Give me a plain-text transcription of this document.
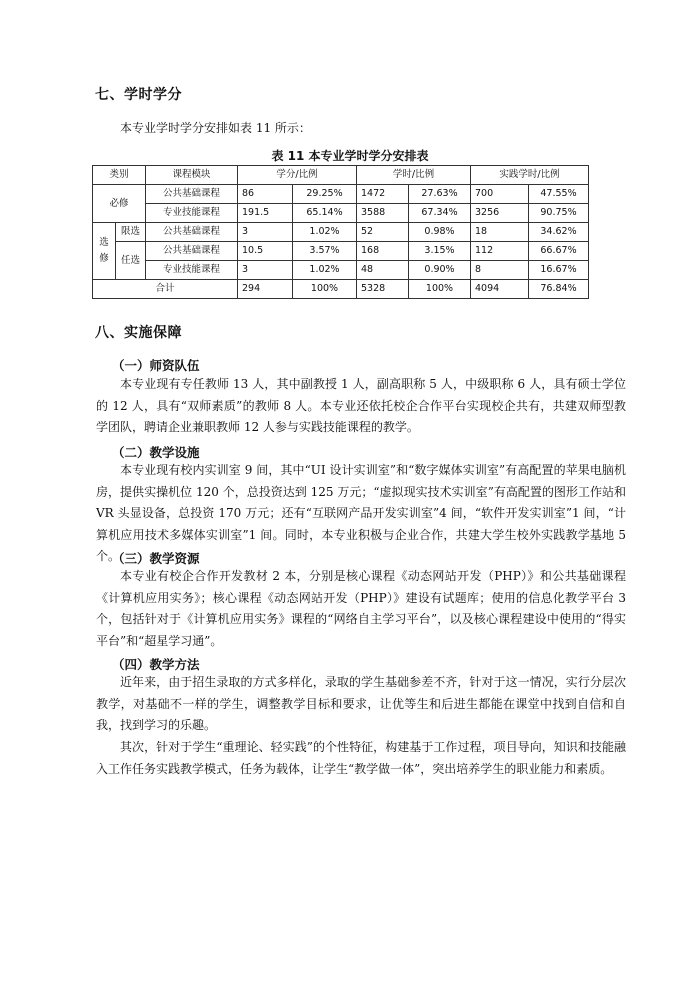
七、学时学分
本专业学时学分安排如表 11 所示：
表 11 本专业学时学分安排表
类别		课程模块	学分/比例		学时/比例		实践学时/比例	
必修		公共基础课程	86	29.25%	1472	27.63%	700	47.55%
		专业技能课程	191.5	65.14%	3588	67.34%	3256	90.75%
选修	限选	公共基础课程	3	1.02%	52	0.98%	18	34.62%
	任选	公共基础课程	10.5	3.57%	168	3.15%	112	66.67%
		专业技能课程	3	1.02%	48	0.90%	8	16.67%
合计			294	100%	5328	100%	4094	76.84%
八、实施保障
（一）师资队伍

本专业现有专任教师 13 人，其中副教授 1 人，副高职称 5 人，中级职称 6 人，具有硕士学位的 12 人，具有“双师素质”的教师 8 人。本专业还依托校企合作平台实现校企共有，共建双师型教学团队，聘请企业兼职教师 12 人参与实践技能课程的教学。

（二）教学设施

本专业现有校内实训室 9 间，其中“UI 设计实训室”和“数字媒体实训室”有高配置的苹果电脑机房，提供实操机位 120 个，总投资达到 125 万元；“虚拟现实技术实训室”有高配置的图形工作站和 VR 头显设备，总投资 170 万元；还有“互联网产品开发实训室”4 间，“软件开发实训室”1 间，“计算机应用技术多媒体实训室”1 间。同时，本专业积极与企业合作，共建大学生校外实践教学基地 5 个。

（三）教学资源

本专业有校企合作开发教材 2 本，分别是核心课程《动态网站开发（PHP）》和公共基础课程《计算机应用实务》；核心课程《动态网站开发（PHP）》建设有试题库；使用的信息化教学平台 3 个，包括针对于《计算机应用实务》课程的“网络自主学习平台”，以及核心课程建设中使用的“得实平台”和“超星学习通”。

（四）教学方法

近年来，由于招生录取的方式多样化，录取的学生基础参差不齐，针对于这一情况，实行分层次教学，对基础不一样的学生，调整教学目标和要求，让优等生和后进生都能在课堂中找到自信和自我，找到学习的乐趣。

其次，针对于学生“重理论、轻实践”的个性特征，构建基于工作过程，项目导向，知识和技能融入工作任务实践教学模式，任务为载体，让学生“教学做一体”，突出培养学生的职业能力和素质。
